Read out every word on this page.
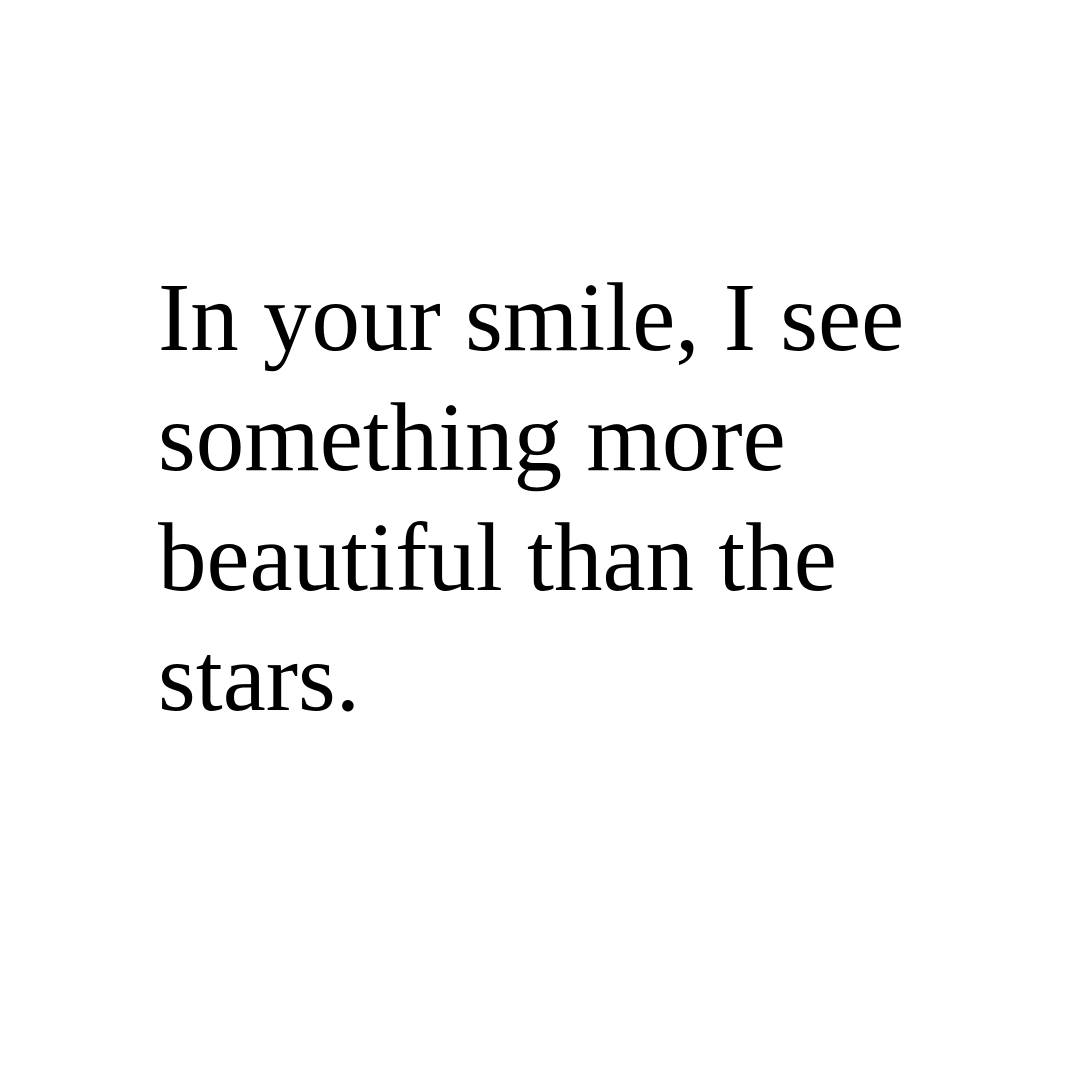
In your smile, I see
something more
beautiful than the
stars.
